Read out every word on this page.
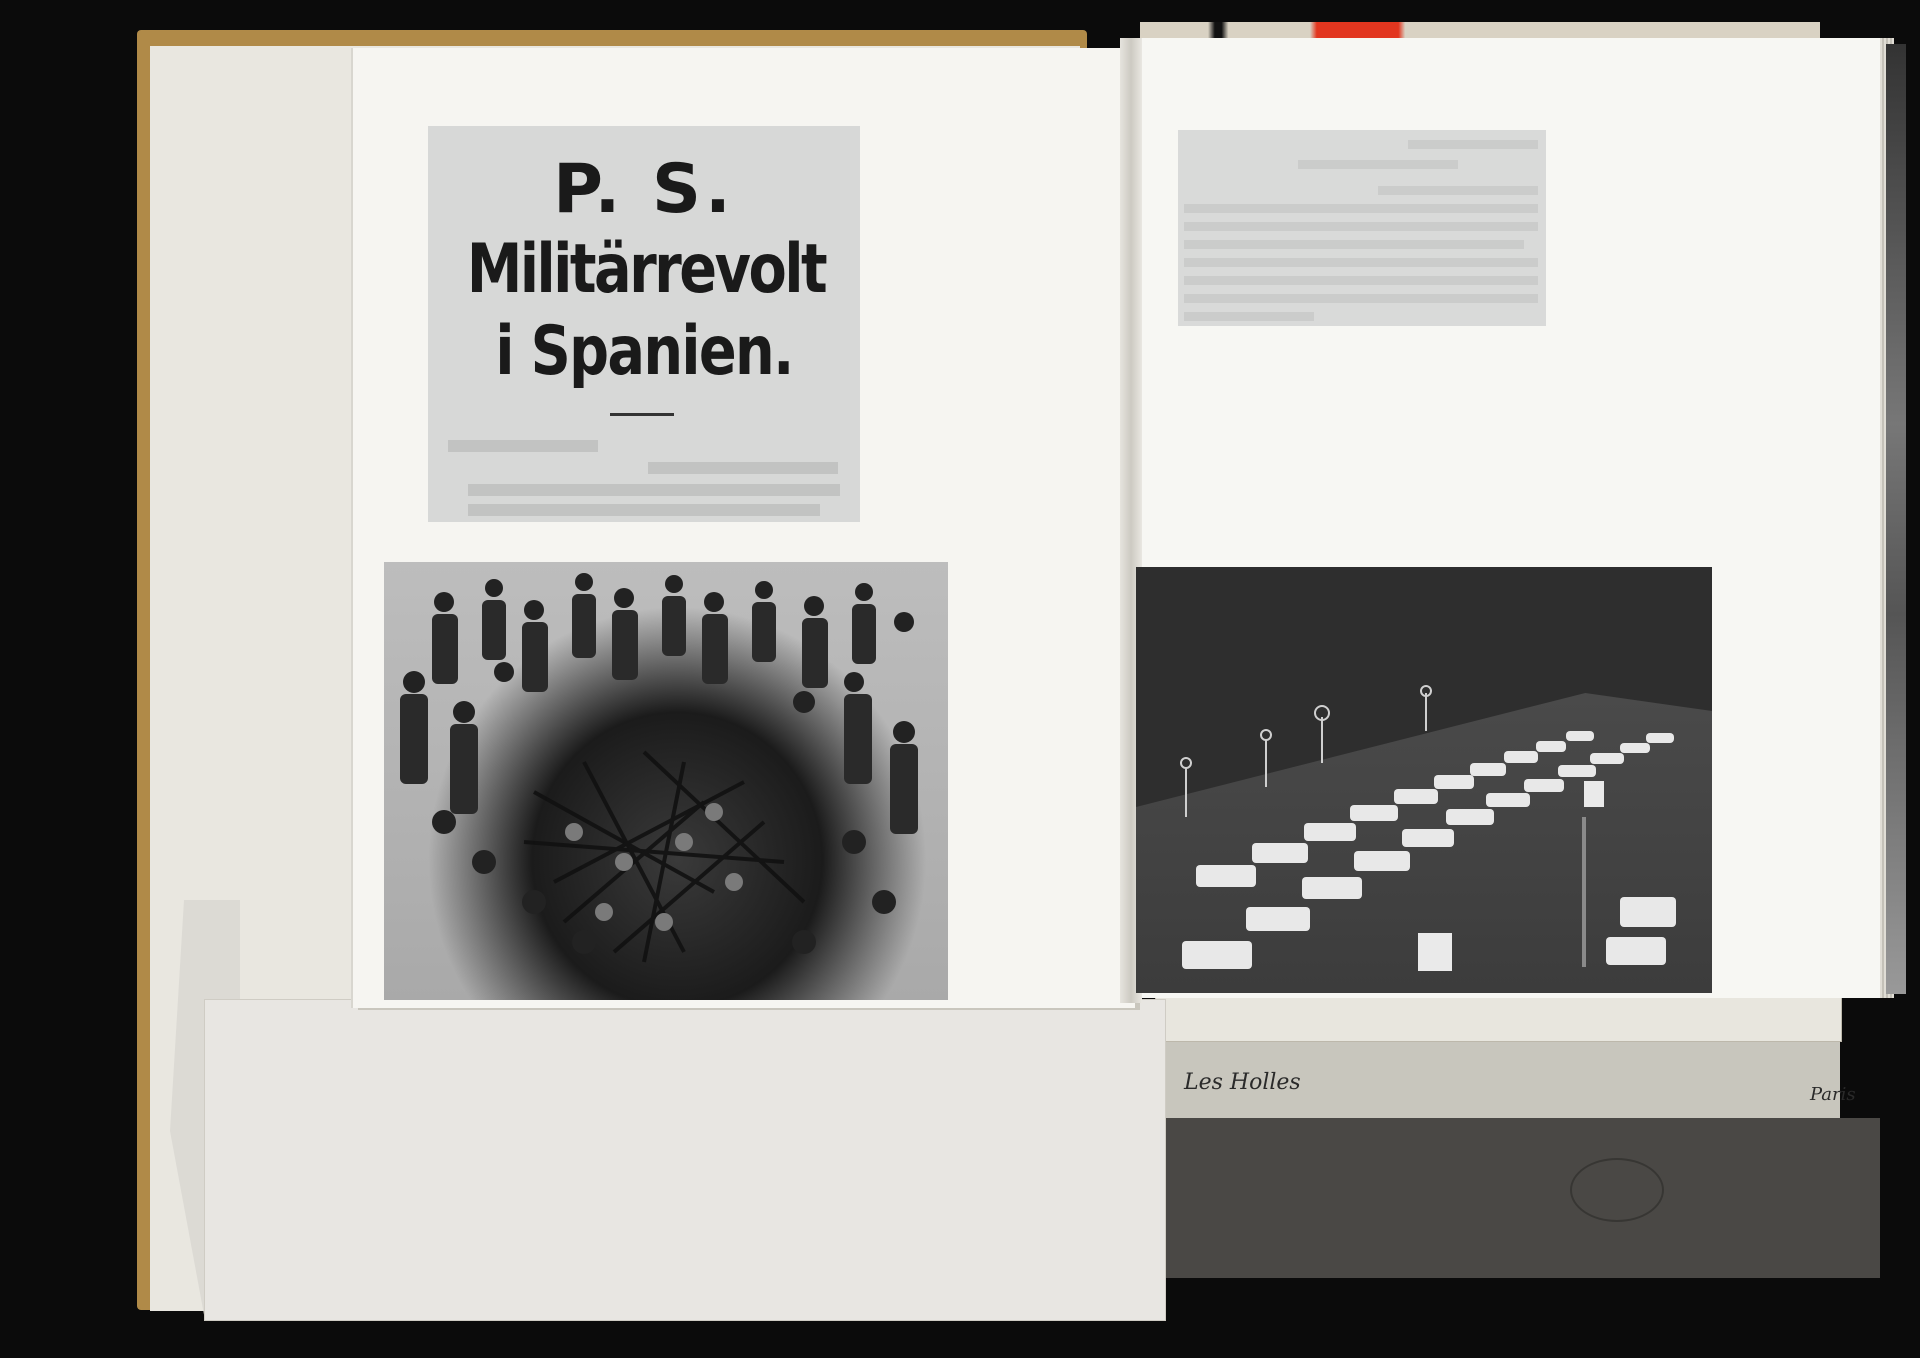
Les Holles	Paris
P. S.
Militärrevolt
i Spanien.
